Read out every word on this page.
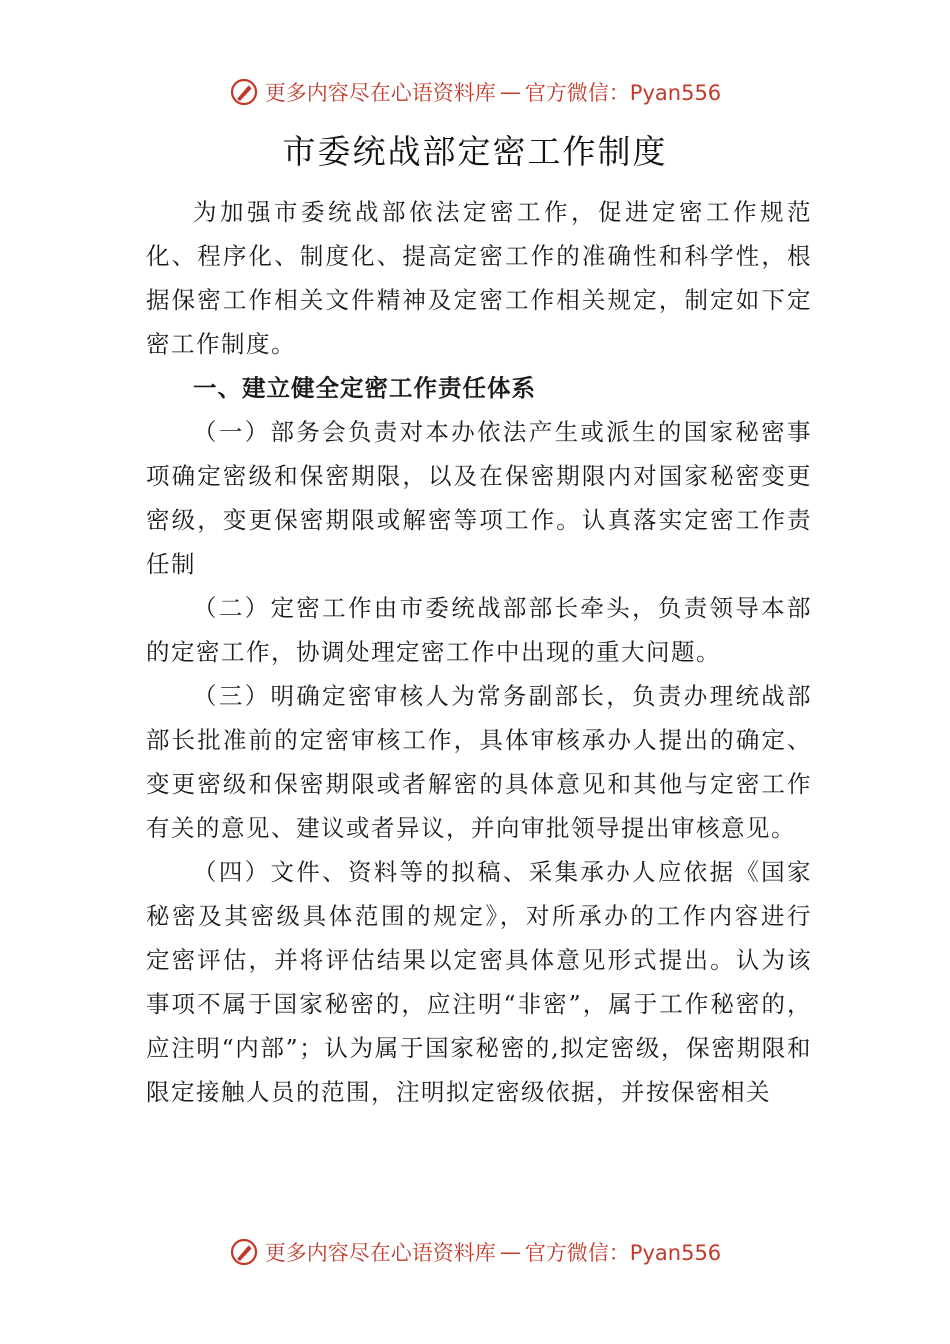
更多内容尽在心语资料库 — 官方微信：Pyan556
市委统战部定密工作制度

为加强市委统战部依法定密工作，促进定密工作规范化、程序化、制度化、提高定密工作的准确性和科学性，根据保密工作相关文件精神及定密工作相关规定，制定如下定密工作制度。

一、建立健全定密工作责任体系

（一）部务会负责对本办依法产生或派生的国家秘密事项确定密级和保密期限，以及在保密期限内对国家秘密变更密级，变更保密期限或解密等项工作。认真落实定密工作责任制

（二）定密工作由市委统战部部长牵头，负责领导本部的定密工作，协调处理定密工作中出现的重大问题。

（三）明确定密审核人为常务副部长，负责办理统战部部长批准前的定密审核工作，具体审核承办人提出的确定、 变更密级和保密期限或者解密的具体意见和其他与定密工作有关的意见、建议或者异议，并向审批领导提出审核意见。

（四）文件、资料等的拟稿、采集承办人应依据《国家秘密及其密级具体范围的规定》，对所承办的工作内容进行 定密评估，并将评估结果以定密具体意见形式提出。认为该事项不属于国家秘密的，应注明“非密”，属于工作秘密的， 应注明“内部”；认为属于国家秘密的,拟定密级，保密期限和限定接触人员的范围，注明拟定密级依据，并按保密相关

更多内容尽在心语资料库 — 官方微信：Pyan556
